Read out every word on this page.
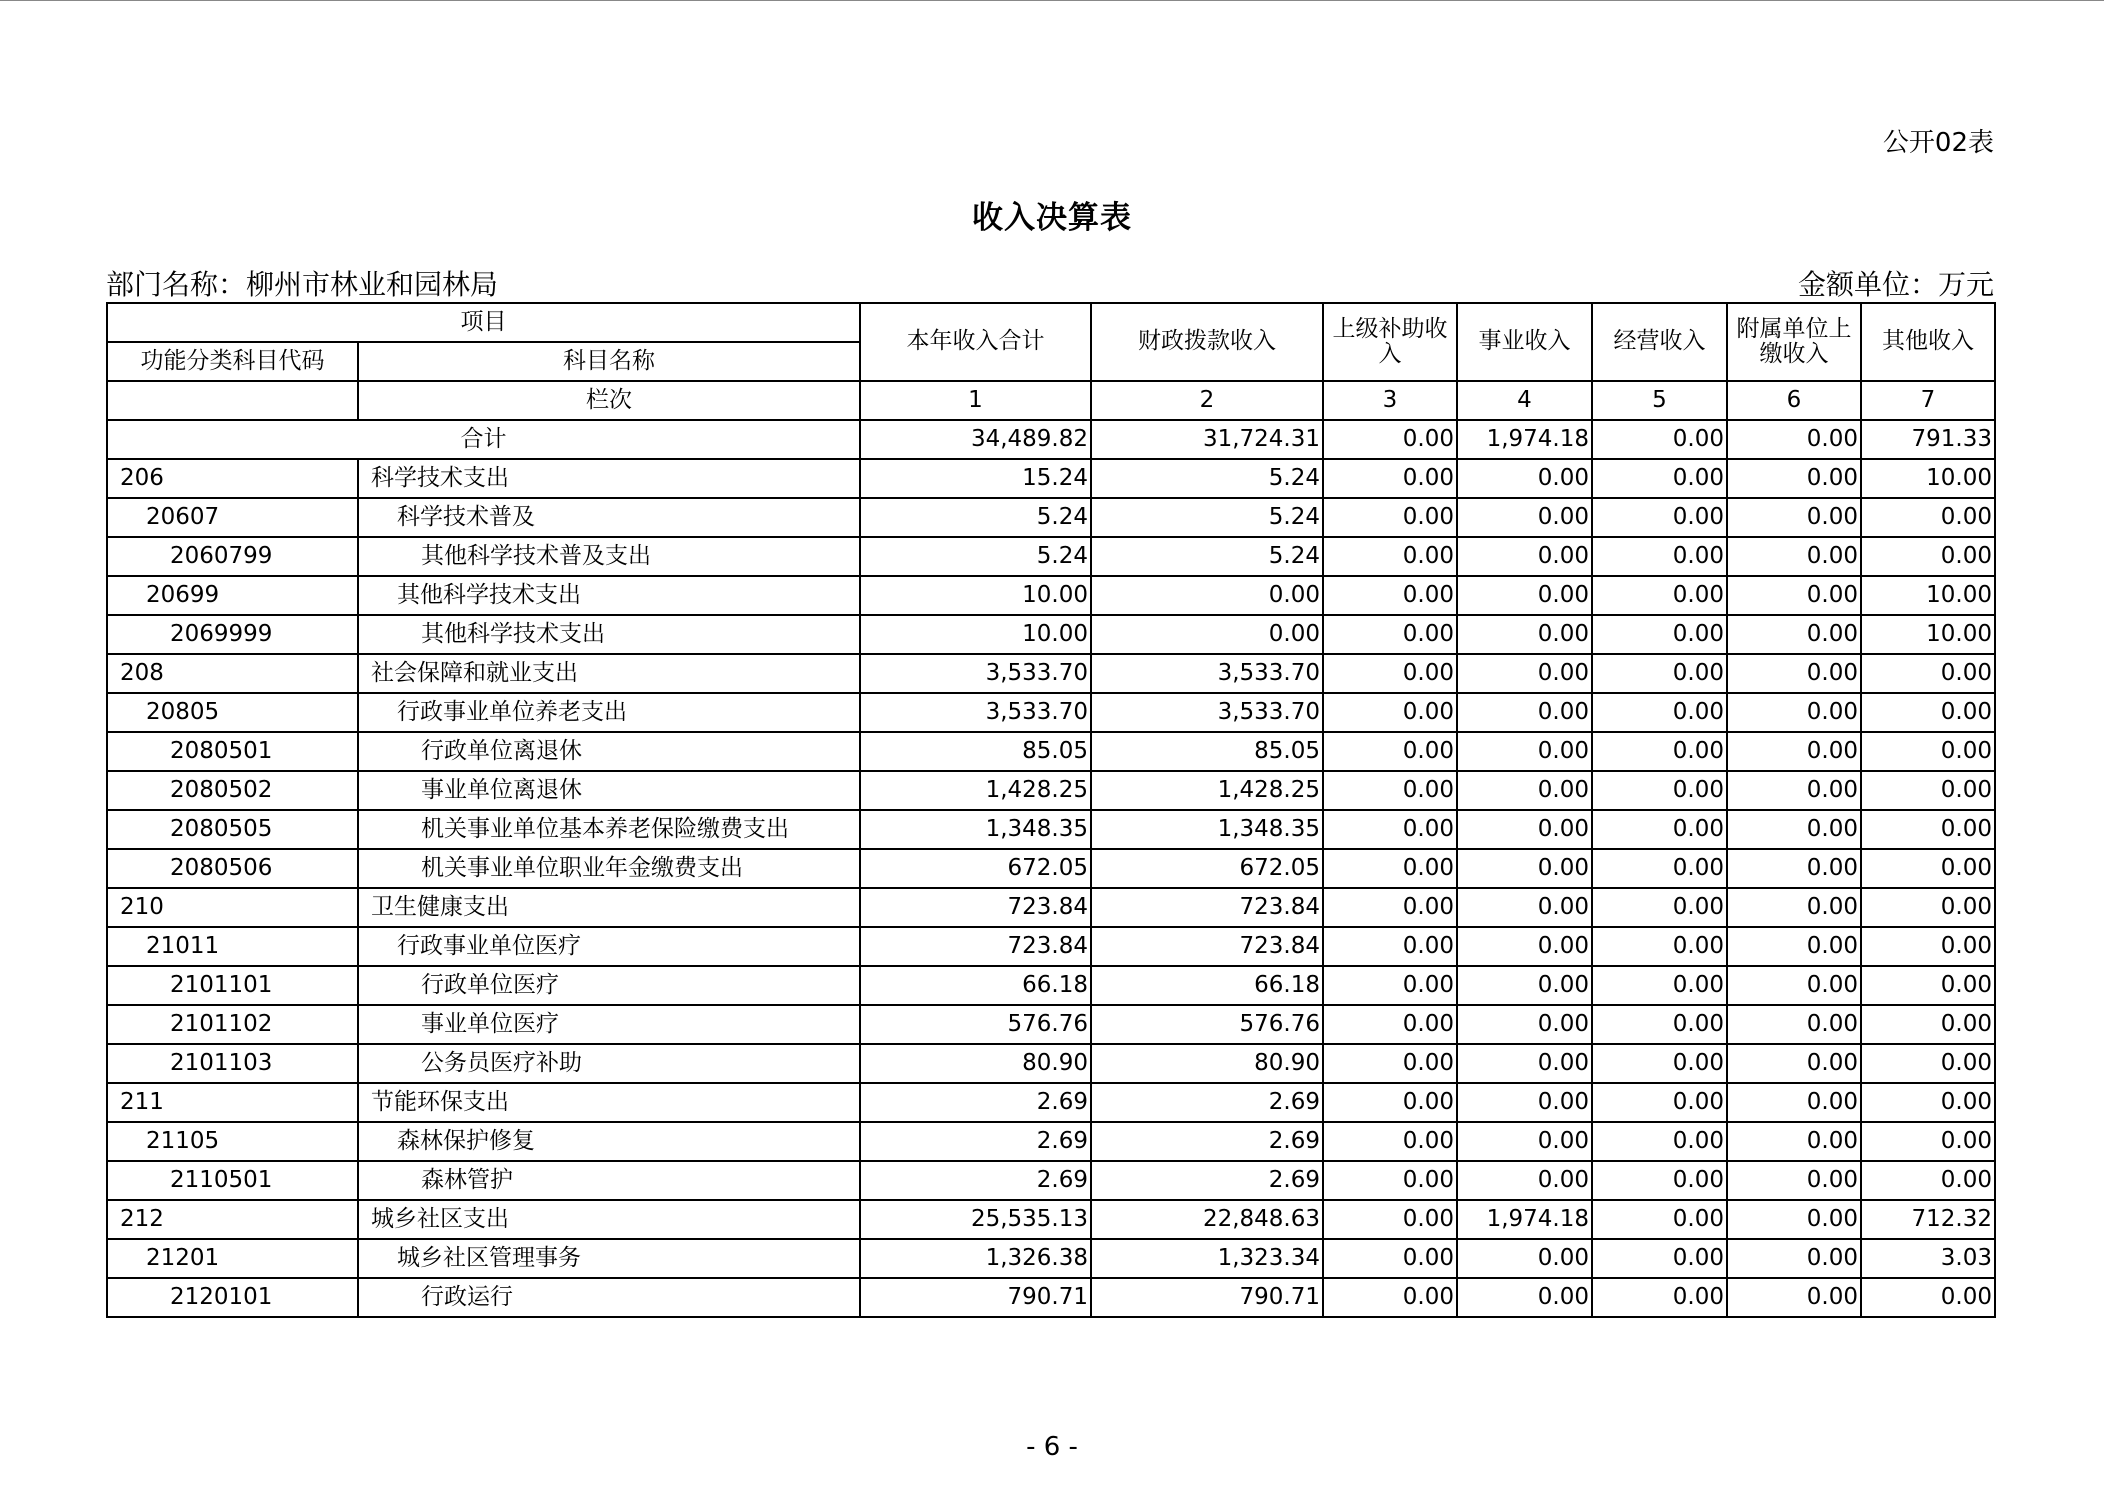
公开02表
收入决算表
部门名称：柳州市林业和园林局	金额单位：万元
项目		本年收入合计	财政拨款收入	上级补助收入	事业收入	经营收入	附属单位上缴收入	其他收入
功能分类科目代码	科目名称							
	栏次	1	2	3	4	5	6	7
合计		34,489.82	31,724.31	0.00	1,974.18	0.00	0.00	791.33
206	科学技术支出	15.24	5.24	0.00	0.00	0.00	0.00	10.00
20607	科学技术普及	5.24	5.24	0.00	0.00	0.00	0.00	0.00
2060799	其他科学技术普及支出	5.24	5.24	0.00	0.00	0.00	0.00	0.00
20699	其他科学技术支出	10.00	0.00	0.00	0.00	0.00	0.00	10.00
2069999	其他科学技术支出	10.00	0.00	0.00	0.00	0.00	0.00	10.00
208	社会保障和就业支出	3,533.70	3,533.70	0.00	0.00	0.00	0.00	0.00
20805	行政事业单位养老支出	3,533.70	3,533.70	0.00	0.00	0.00	0.00	0.00
2080501	行政单位离退休	85.05	85.05	0.00	0.00	0.00	0.00	0.00
2080502	事业单位离退休	1,428.25	1,428.25	0.00	0.00	0.00	0.00	0.00
2080505	机关事业单位基本养老保险缴费支出	1,348.35	1,348.35	0.00	0.00	0.00	0.00	0.00
2080506	机关事业单位职业年金缴费支出	672.05	672.05	0.00	0.00	0.00	0.00	0.00
210	卫生健康支出	723.84	723.84	0.00	0.00	0.00	0.00	0.00
21011	行政事业单位医疗	723.84	723.84	0.00	0.00	0.00	0.00	0.00
2101101	行政单位医疗	66.18	66.18	0.00	0.00	0.00	0.00	0.00
2101102	事业单位医疗	576.76	576.76	0.00	0.00	0.00	0.00	0.00
2101103	公务员医疗补助	80.90	80.90	0.00	0.00	0.00	0.00	0.00
211	节能环保支出	2.69	2.69	0.00	0.00	0.00	0.00	0.00
21105	森林保护修复	2.69	2.69	0.00	0.00	0.00	0.00	0.00
2110501	森林管护	2.69	2.69	0.00	0.00	0.00	0.00	0.00
212	城乡社区支出	25,535.13	22,848.63	0.00	1,974.18	0.00	0.00	712.32
21201	城乡社区管理事务	1,326.38	1,323.34	0.00	0.00	0.00	0.00	3.03
2120101	行政运行	790.71	790.71	0.00	0.00	0.00	0.00	0.00
- 6 -
